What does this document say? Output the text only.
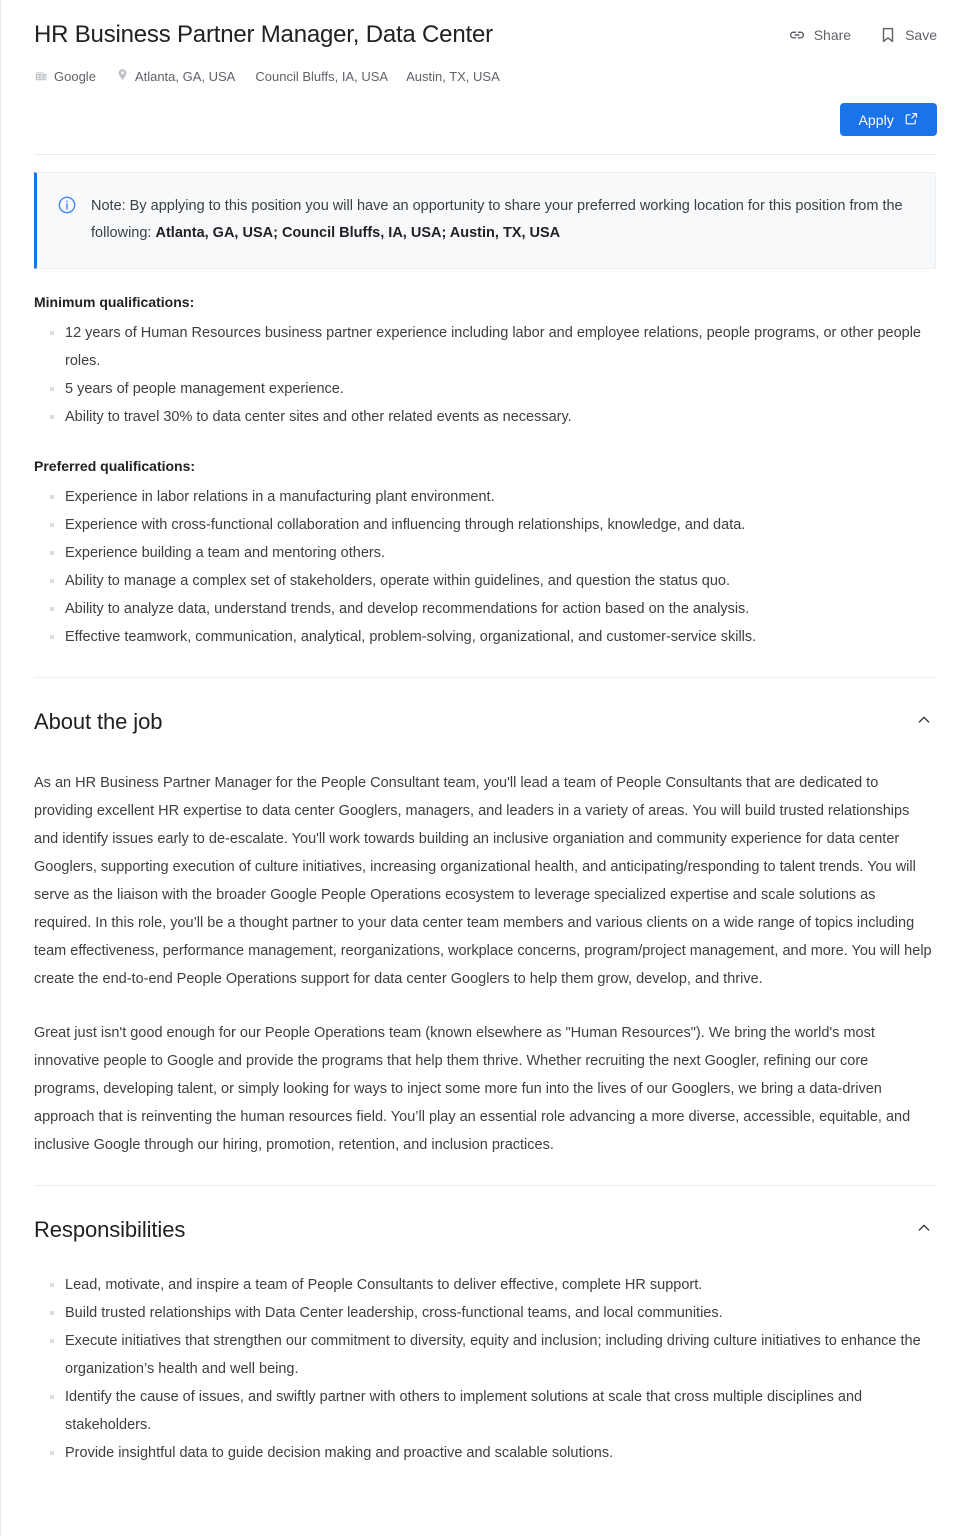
HR Business Partner Manager, Data Center	Share	Save
Google	Atlanta, GA, USA Council Bluffs, IA, USA Austin, TX, USA
Apply
Note: By applying to this position you will have an opportunity to share your preferred working location for this position from the following: Atlanta, GA, USA; Council Bluffs, IA, USA; Austin, TX, USA

Minimum qualifications:

12 years of Human Resources business partner experience including labor and employee relations, people programs, or other people roles.
5 years of people management experience.
Ability to travel 30% to data center sites and other related events as necessary.

Preferred qualifications:

Experience in labor relations in a manufacturing plant environment.
Experience with cross-functional collaboration and influencing through relationships, knowledge, and data.
Experience building a team and mentoring others.
Ability to manage a complex set of stakeholders, operate within guidelines, and question the status quo.
Ability to analyze data, understand trends, and develop recommendations for action based on the analysis.
Effective teamwork, communication, analytical, problem-solving, organizational, and customer-service skills.
About the job

As an HR Business Partner Manager for the People Consultant team, you'll lead a team of People Consultants that are dedicated to providing excellent HR expertise to data center Googlers, managers, and leaders in a variety of areas. You will build trusted relationships and identify issues early to de-escalate. You'll work towards building an inclusive organiation and community experience for data center Googlers, supporting execution of culture initiatives, increasing organizational health, and anticipating/responding to talent trends. You will serve as the liaison with the broader Google People Operations ecosystem to leverage specialized expertise and scale solutions as required. In this role, you’ll be a thought partner to your data center team members and various clients on a wide range of topics including team effectiveness, performance management, reorganizations, workplace concerns, program/project management, and more. You will help create the end-to-end People Operations support for data center Googlers to help them grow, develop, and thrive.

Great just isn't good enough for our People Operations team (known elsewhere as "Human Resources"). We bring the world's most innovative people to Google and provide the programs that help them thrive. Whether recruiting the next Googler, refining our core programs, developing talent, or simply looking for ways to inject some more fun into the lives of our Googlers, we bring a data-driven approach that is reinventing the human resources field. You’ll play an essential role advancing a more diverse, accessible, equitable, and inclusive Google through our hiring, promotion, retention, and inclusion practices.

Responsibilities
Lead, motivate, and inspire a team of People Consultants to deliver effective, complete HR support.
Build trusted relationships with Data Center leadership, cross-functional teams, and local communities.
Execute initiatives that strengthen our commitment to diversity, equity and inclusion; including driving culture initiatives to enhance the organization’s health and well being.
Identify the cause of issues, and swiftly partner with others to implement solutions at scale that cross multiple disciplines and stakeholders.
Provide insightful data to guide decision making and proactive and scalable solutions.
